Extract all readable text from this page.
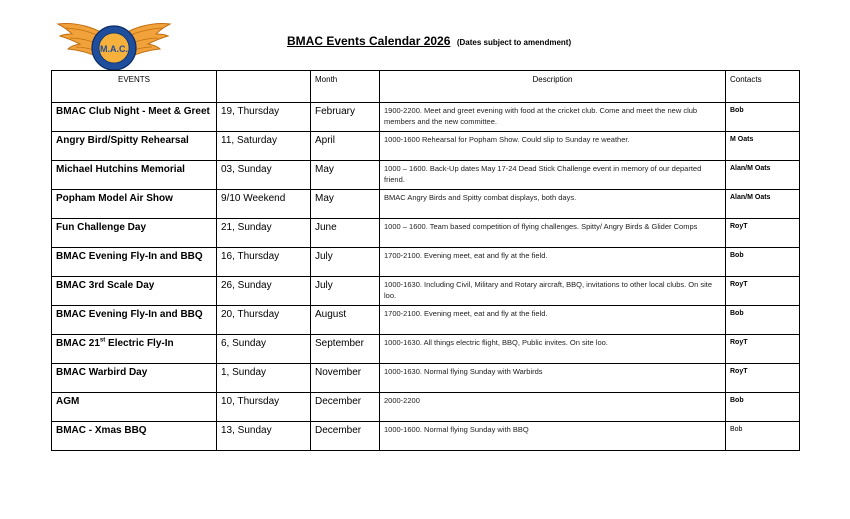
M.A.C.
BMAC Events Calendar 2026 (Dates subject to amendment)
EVENTS		Month	Description	Contacts
BMAC Club Night - Meet & Greet	19, Thursday	February	1900-2200. Meet and greet evening with food at the cricket club. Come and meet the new club members and the new committee.	Bob
Angry Bird/Spitty Rehearsal	11, Saturday	April	1000-1600 Rehearsal for Popham Show. Could slip to Sunday re weather.	M Oats
Michael Hutchins Memorial	03, Sunday	May	1000 – 1600. Back-Up dates May 17-24 Dead Stick Challenge event in memory of our departed friend.	Alan/M Oats
Popham Model Air Show	9/10 Weekend	May	BMAC Angry Birds and Spitty combat displays, both days.	Alan/M Oats
Fun Challenge Day	21, Sunday	June	1000 – 1600. Team based competition of flying challenges. Spitty/ Angry Birds & Glider Comps	RoyT
BMAC Evening Fly-In and BBQ	16, Thursday	July	1700-2100. Evening meet, eat and fly at the field.	Bob
BMAC 3rd Scale Day	26, Sunday	July	1000-1630. Including Civil, Military and Rotary aircraft, BBQ, invitations to other local clubs. On site loo.	RoyT
BMAC Evening Fly-In and BBQ	20, Thursday	August	1700-2100. Evening meet, eat and fly at the field.	Bob
BMAC 21st Electric Fly-In	6, Sunday	September	1000-1630. All things electric flight, BBQ, Public invites. On site loo.	RoyT
BMAC Warbird Day	1, Sunday	November	1000-1630. Normal flying Sunday with Warbirds	RoyT
AGM	10, Thursday	December	2000-2200	Bob
BMAC - Xmas BBQ	13, Sunday	December	1000-1600. Normal flying Sunday with BBQ	Bob
